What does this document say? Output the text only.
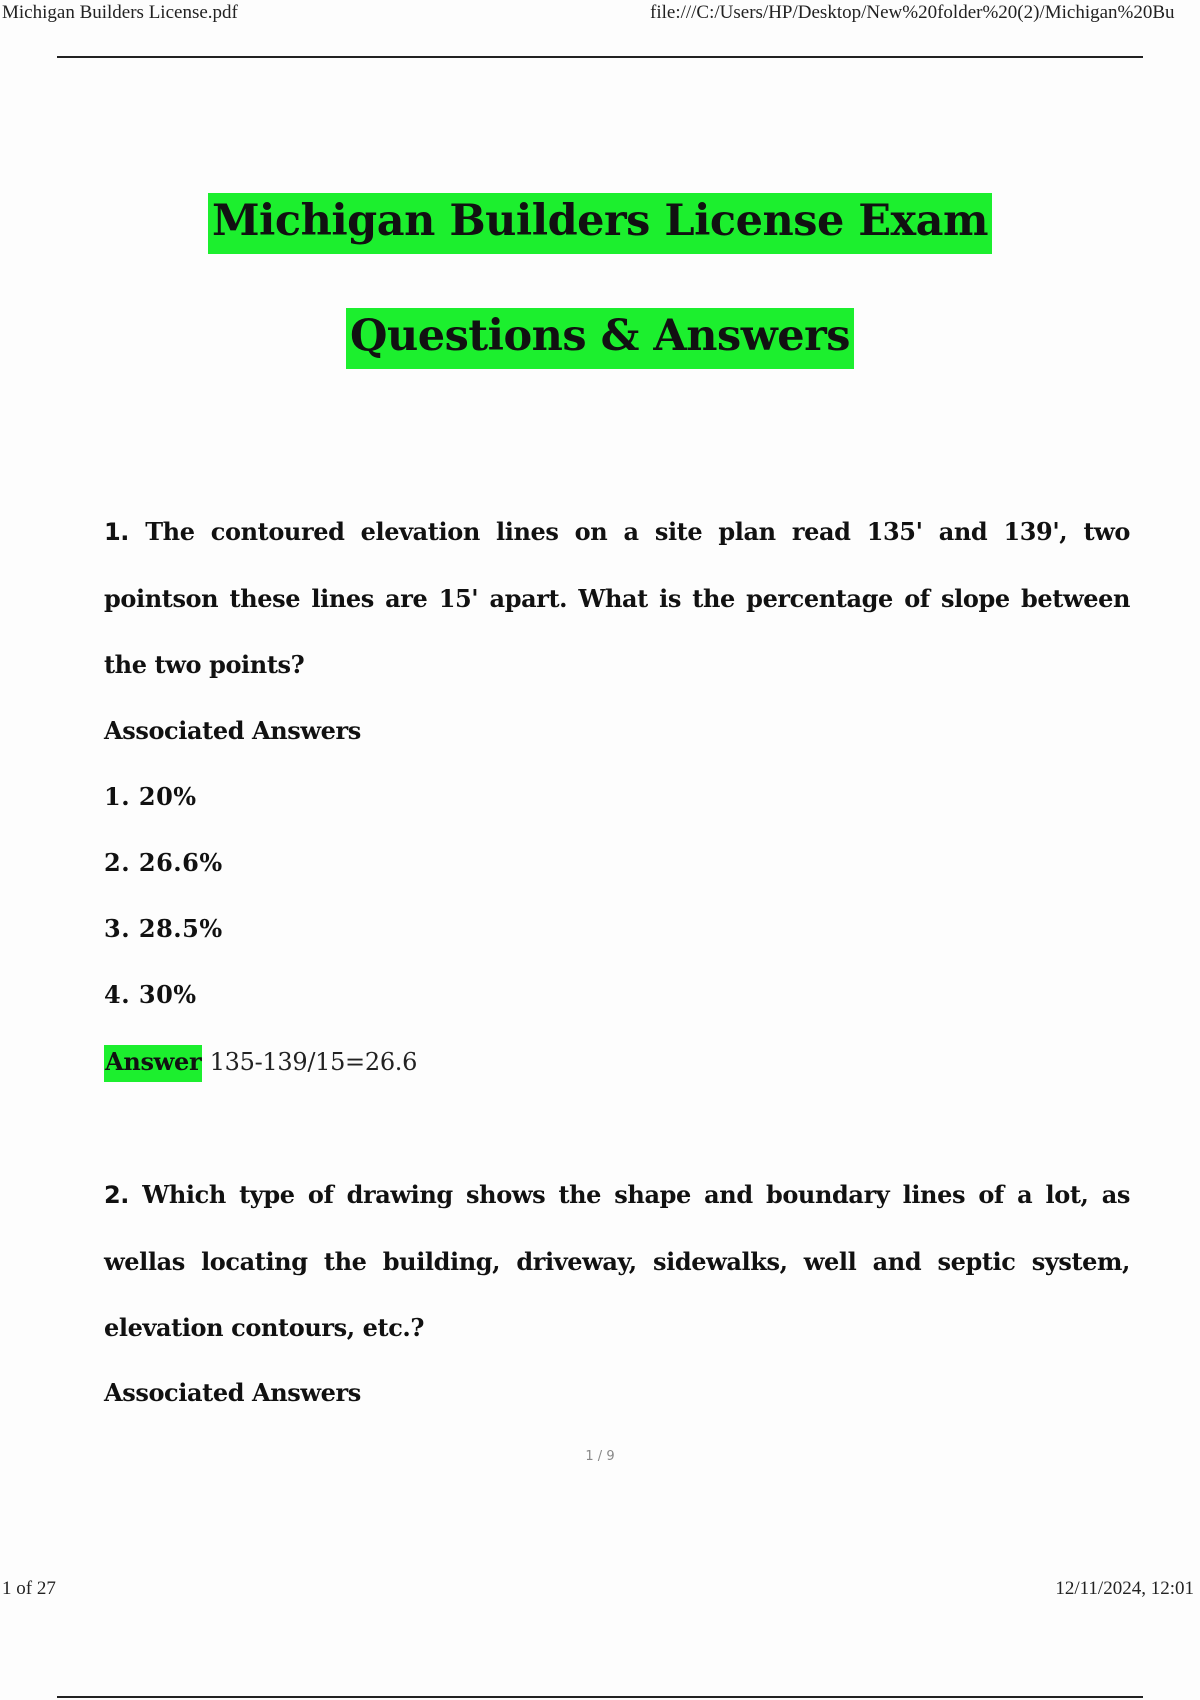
Michigan Builders License.pdf	file:///C:/Users/HP/Desktop/New%20folder%20(2)/Michigan%20Bu
Michigan Builders License Exam
Questions & Answers

1. The contoured elevation lines on a site plan read 135' and 139', two pointson these lines are 15' apart. What is the percentage of slope between the two points?

Associated Answers
1. 20%
2. 26.6%
3. 28.5%
4. 30%
Answer 135-139/15=26.6

2. Which type of drawing shows the shape and boundary lines of a lot, as wellas locating the building, driveway, sidewalks, well and septic system, elevation contours, etc.?

Associated Answers
1 / 9
1 of 27	12/11/2024, 12:01
